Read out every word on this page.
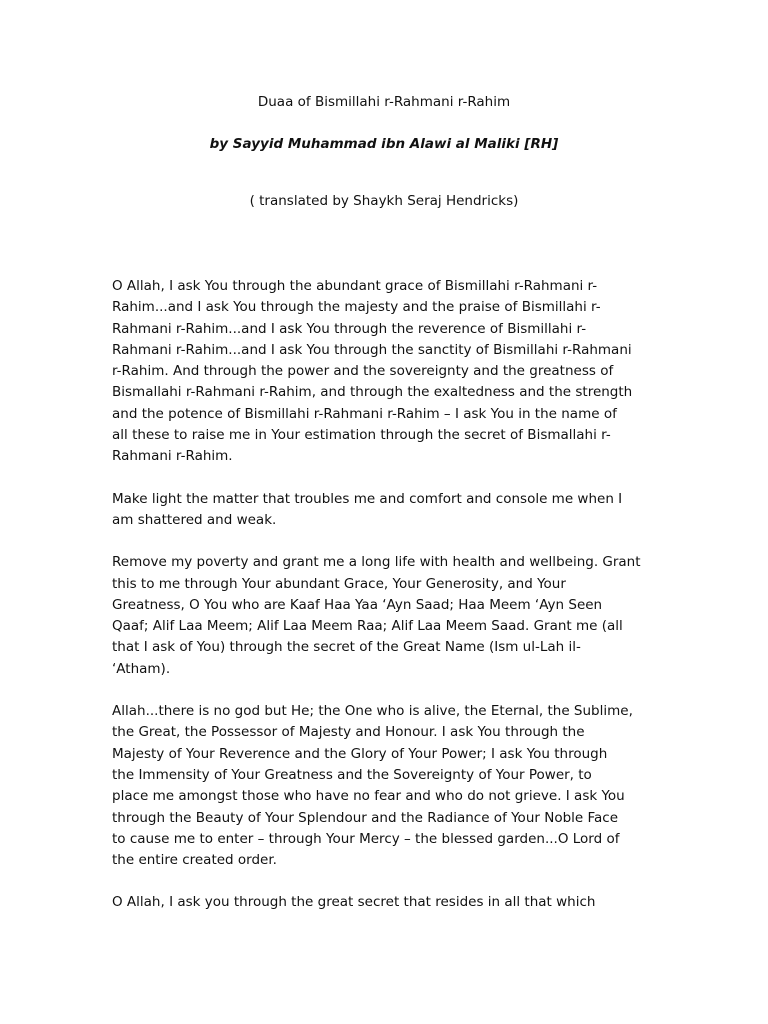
Duaa of Bismillahi r-Rahmani r-Rahim
by Sayyid Muhammad ibn Alawi al Maliki [RH]
( translated by Shaykh Seraj Hendricks)
O Allah, I ask You through the abundant grace of Bismillahi r-Rahmani r-
Rahim...and I ask You through the majesty and the praise of Bismillahi r-
Rahmani r-Rahim...and I ask You through the reverence of Bismillahi r-
Rahmani r-Rahim...and I ask You through the sanctity of Bismillahi r-Rahmani
r-Rahim. And through the power and the sovereignty and the greatness of
Bismallahi r-Rahmani r-Rahim, and through the exaltedness and the strength
and the potence of Bismillahi r-Rahmani r-Rahim – I ask You in the name of
all these to raise me in Your estimation through the secret of Bismallahi r-
Rahmani r-Rahim.
Make light the matter that troubles me and comfort and console me when I
am shattered and weak.
Remove my poverty and grant me a long life with health and wellbeing. Grant
this to me through Your abundant Grace, Your Generosity, and Your
Greatness, O You who are Kaaf Haa Yaa ‘Ayn Saad; Haa Meem ‘Ayn Seen
Qaaf; Alif Laa Meem; Alif Laa Meem Raa; Alif Laa Meem Saad. Grant me (all
that I ask of You) through the secret of the Great Name (Ism ul-Lah il-
‘Atham).
Allah...there is no god but He; the One who is alive, the Eternal, the Sublime,
the Great, the Possessor of Majesty and Honour. I ask You through the
Majesty of Your Reverence and the Glory of Your Power; I ask You through
the Immensity of Your Greatness and the Sovereignty of Your Power, to
place me amongst those who have no fear and who do not grieve. I ask You
through the Beauty of Your Splendour and the Radiance of Your Noble Face
to cause me to enter – through Your Mercy – the blessed garden...O Lord of
the entire created order.
O Allah, I ask you through the great secret that resides in all that which
